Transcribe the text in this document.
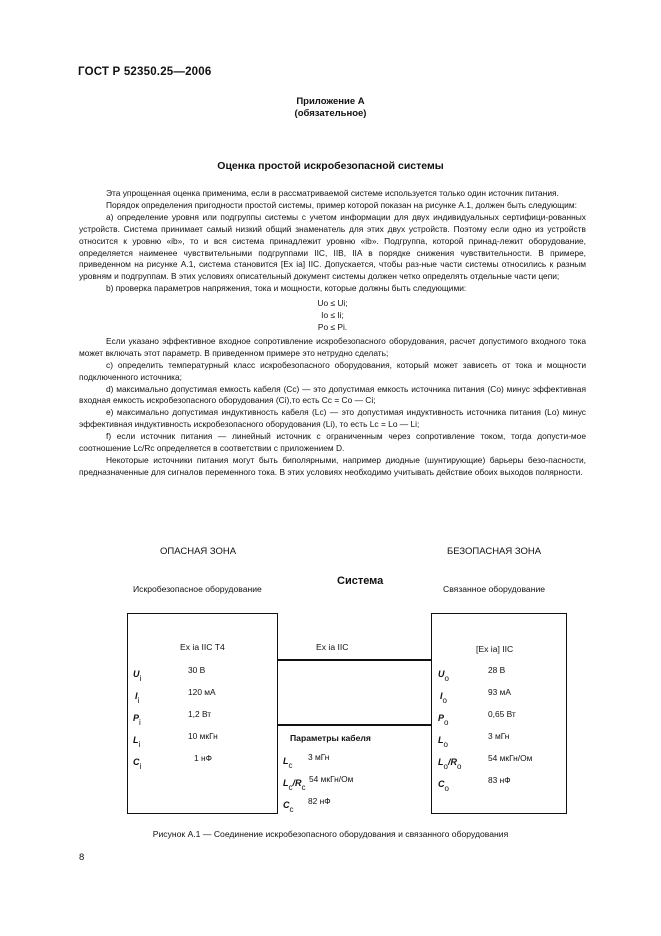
ГОСТ Р 52350.25—2006
Приложение А
(обязательное)
Оценка простой искробезопасной системы

Эта упрощенная оценка применима, если в рассматриваемой системе используется только один источник питания.

Порядок определения пригодности простой системы, пример которой показан на рисунке А.1, должен быть следующим:

а) определение уровня или подгруппы системы с учетом информации для двух индивидуальных сертифици-рованных устройств. Система принимает самый низкий общий знаменатель для этих двух устройств. Поэтому если одно из устройств относится к уровню «ib», то и вся система принадлежит уровню «ib». Подгруппа, которой принад-лежит оборудование, определяется наименее чувствительными подгруппами IIC, IIB, IIA в порядке снижения чувствительности. В примере, приведенном на рисунке А.1, система становится [Ex ia] IIC. Допускается, чтобы раз-ные части системы относились к разным уровням и подгруппам. В этих условиях описательный документ системы должен четко определять отдельные части цепи;

b) проверка параметров напряжения, тока и мощности, которые должны быть следующими:

Uо ≤ Ui;

Iо ≤ Ii;

Pо ≤ Pi.

Если указано эффективное входное сопротивление искробезопасного оборудования, расчет допустимого входного тока может включать этот параметр. В приведенном примере это нетрудно сделать;

c) определить температурный класс искробезопасного оборудования, который может зависеть от тока и мощности подключенного источника;

d) максимально допустимая емкость кабеля (Cc) — это допустимая емкость источника питания (Cо) минус эффективная входная емкость искробезопасного оборудования (Ci),то есть Cc = Cо — Ci;

e) максимально допустимая индуктивность кабеля (Lc) — это допустимая индуктивность источника питания (Lо) минус эффективная индуктивность искробезопасного оборудования (Li), то есть Lc = Lо — Li;

f) если источник питания — линейный источник с ограниченным через сопротивление током, тогда допусти-мое соотношение Lc/Rc определяется в соответствии с приложением D.

Некоторые источники питания могут быть биполярными, например диодные (шунтирующие) барьеры безо-пасности, предназначенные для сигналов переменного тока. В этих условиях необходимо учитывать действие обоих выходов полярности.

ОПАСНАЯ ЗОНА	БЕЗОПАСНАЯ ЗОНА
Система
Искробезопасное оборудование	Связанное оборудование
Ex ia IIC T4	Ex ia IIC	[Ex ia] IIC
$U_i$
30 В
$I_i$
120 мА
$P_i$
1,2 Вт
$L_i$
10 мкГн
$C_i$
1 нФ
Параметры кабеля
$L_c$
3 мГн
$L_c/R_c$
54 мкГн/Ом
$C_c$
82 нФ
$U_o$
28 В
$I_o$
93 мА
$P_o$
0,65 Вт
$L_o$
3 мГн
$L_o/R_o$
54 мкГн/Ом
$C_o$
83 нФ
Рисунок А.1 — Соединение искробезопасного оборудования и связанного оборудования
8
